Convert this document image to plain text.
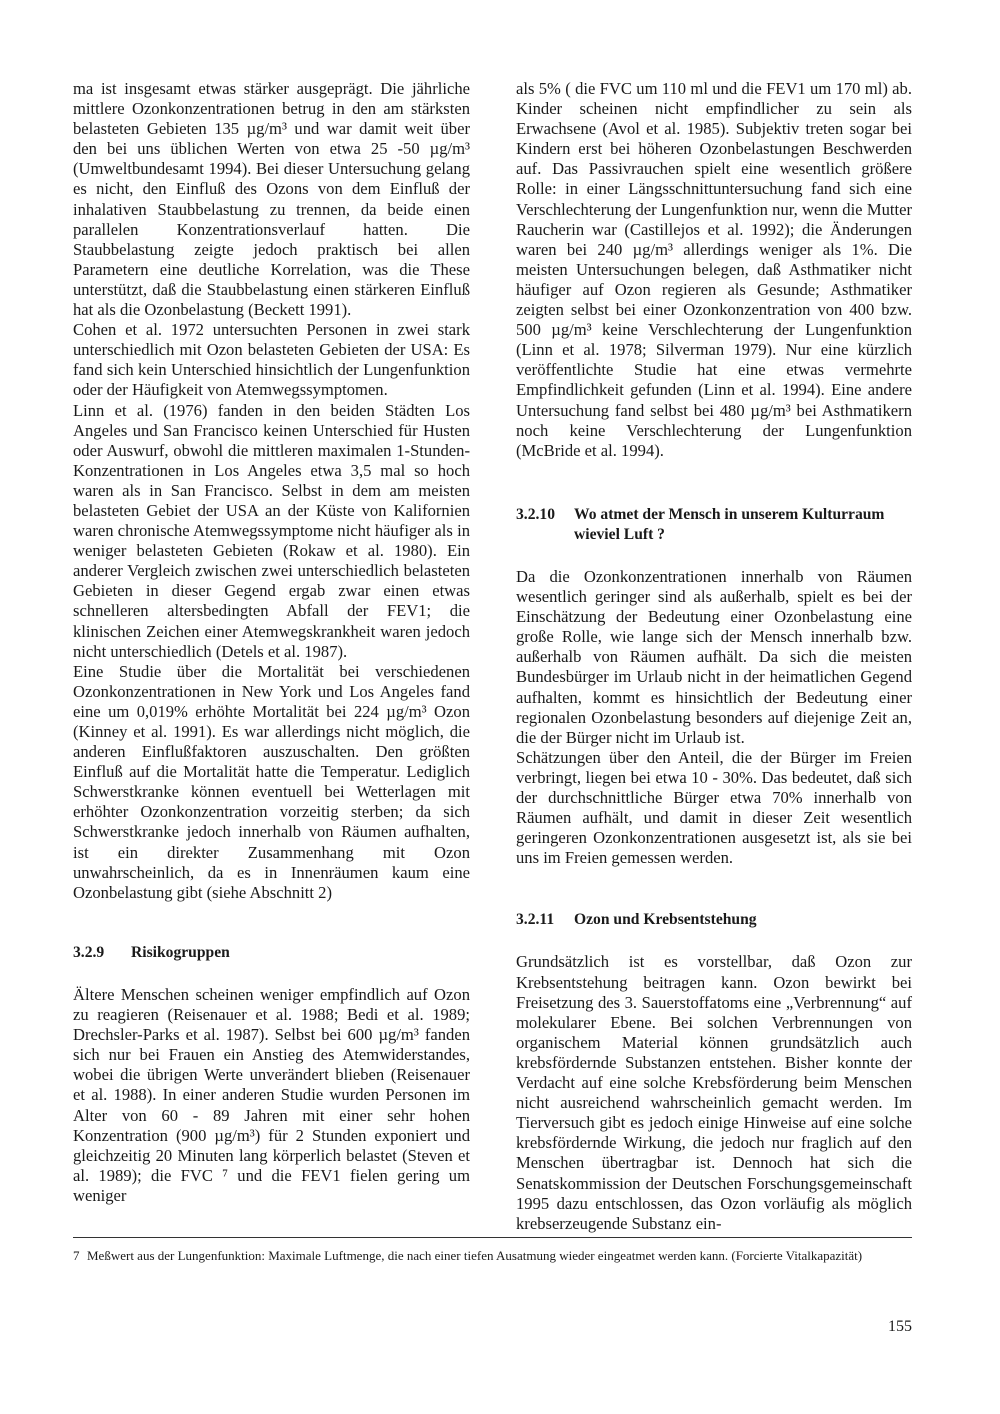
ma ist insgesamt etwas stärker ausgeprägt. Die jährliche mittlere Ozonkonzentrationen betrug in den am stärksten belasteten Gebieten 135 µg/m³ und war damit weit über den bei uns üblichen Werten von etwa 25 -50 µg/m³ (Umweltbundesamt 1994). Bei dieser Untersuchung gelang es nicht, den Einfluß des Ozons von dem Einfluß der inhalativen Staubbelastung zu trennen, da beide einen parallelen Konzentrationsverlauf hatten. Die Staubbelastung zeigte jedoch praktisch bei allen Parametern eine deutliche Korrelation, was die These unterstützt, daß die Staubbelastung einen stärkeren Einfluß hat als die Ozonbelastung (Beckett 1991).

Cohen et al. 1972 untersuchten Personen in zwei stark unterschiedlich mit Ozon belasteten Gebieten der USA: Es fand sich kein Unterschied hinsichtlich der Lungenfunktion oder der Häufigkeit von Atemwegssymptomen.

Linn et al. (1976) fanden in den beiden Städten Los Angeles und San Francisco keinen Unterschied für Husten oder Auswurf, obwohl die mittleren maximalen 1-Stunden-Konzentrationen in Los Angeles etwa 3,5 mal so hoch waren als in San Francisco. Selbst in dem am meisten belasteten Gebiet der USA an der Küste von Kalifornien waren chronische Atemwegssymptome nicht häufiger als in weniger belasteten Gebieten (Rokaw et al. 1980). Ein anderer Vergleich zwischen zwei unterschiedlich belasteten Gebieten in dieser Gegend ergab zwar einen etwas schnelleren altersbedingten Abfall der FEV1; die klinischen Zeichen einer Atemwegskrankheit waren jedoch nicht unterschiedlich (Detels et al. 1987).

Eine Studie über die Mortalität bei verschiedenen Ozonkonzentrationen in New York und Los Angeles fand eine um 0,019% erhöhte Mortalität bei 224 µg/m³ Ozon (Kinney et al. 1991). Es war allerdings nicht möglich, die anderen Einflußfaktoren auszuschalten. Den größten Einfluß auf die Mortalität hatte die Temperatur. Lediglich Schwerstkranke können eventuell bei Wetterlagen mit erhöhter Ozonkonzentration vorzeitig sterben; da sich Schwerstkranke jedoch innerhalb von Räumen aufhalten, ist ein direkter Zusammenhang mit Ozon unwahrscheinlich, da es in Innenräumen kaum eine Ozonbelastung gibt (siehe Abschnitt 2)

3.2.9	Risikogruppen

Ältere Menschen scheinen weniger empfindlich auf Ozon zu reagieren (Reisenauer et al. 1988; Bedi et al. 1989; Drechsler-Parks et al. 1987). Selbst bei 600 µg/m³ fanden sich nur bei Frauen ein Anstieg des Atemwiderstandes, wobei die übrigen Werte unverändert blieben (Reisenauer et al. 1988). In einer anderen Studie wurden Personen im Alter von 60 - 89 Jahren mit einer sehr hohen Konzentration (900 µg/m³) für 2 Stunden exponiert und gleichzeitig 20 Minuten lang körperlich belastet (Steven et al. 1989); die FVC ⁷ und die FEV1 fielen gering um weniger

als 5% ( die FVC um 110 ml und die FEV1 um 170 ml) ab. Kinder scheinen nicht empfindlicher zu sein als Erwachsene (Avol et al. 1985). Subjektiv treten sogar bei Kindern erst bei höheren Ozonbelastungen Beschwerden auf. Das Passivrauchen spielt eine wesentlich größere Rolle: in einer Längsschnittuntersuchung fand sich eine Verschlechterung der Lungenfunktion nur, wenn die Mutter Raucherin war (Castillejos et al. 1992); die Änderungen waren bei 240 µg/m³ allerdings weniger als 1%. Die meisten Untersuchungen belegen, daß Asthmatiker nicht häufiger auf Ozon regieren als Gesunde; Asthmatiker zeigten selbst bei einer Ozonkonzentration von 400 bzw. 500 µg/m³ keine Verschlechterung der Lungenfunktion (Linn et al. 1978; Silverman 1979). Nur eine kürzlich veröffentlichte Studie hat eine etwas vermehrte Empfindlichkeit gefunden (Linn et al. 1994). Eine andere Untersuchung fand selbst bei 480 µg/m³ bei Asthmatikern noch keine Verschlechterung der Lungenfunktion (McBride et al. 1994).

3.2.10	Wo atmet der Mensch in unserem Kulturraum wieviel Luft ?

Da die Ozonkonzentrationen innerhalb von Räumen wesentlich geringer sind als außerhalb, spielt es bei der Einschätzung der Bedeutung einer Ozonbelastung eine große Rolle, wie lange sich der Mensch innerhalb bzw. außerhalb von Räumen aufhält. Da sich die meisten Bundesbürger im Urlaub nicht in der heimatlichen Gegend aufhalten, kommt es hinsichtlich der Bedeutung einer regionalen Ozonbelastung besonders auf diejenige Zeit an, die der Bürger nicht im Urlaub ist.

Schätzungen über den Anteil, die der Bürger im Freien verbringt, liegen bei etwa 10 - 30%. Das bedeutet, daß sich der durchschnittliche Bürger etwa 70% innerhalb von Räumen aufhält, und damit in dieser Zeit wesentlich geringeren Ozonkonzentrationen ausgesetzt ist, als sie bei uns im Freien gemessen werden.

3.2.11	Ozon und Krebsentstehung

Grundsätzlich ist es vorstellbar, daß Ozon zur Krebsentstehung beitragen kann. Ozon bewirkt bei Freisetzung des 3. Sauerstoffatoms eine „Verbrennung“ auf molekularer Ebene. Bei solchen Verbrennungen von organischem Material können grundsätzlich auch krebsfördernde Substanzen entstehen. Bisher konnte der Verdacht auf eine solche Krebsförderung beim Menschen nicht ausreichend wahrscheinlich gemacht werden. Im Tierversuch gibt es jedoch einige Hinweise auf eine solche krebsfördernde Wirkung, die jedoch nur fraglich auf den Menschen übertragbar ist. Dennoch hat sich die Senatskommission der Deutschen Forschungsgemeinschaft 1995 dazu entschlossen, das Ozon vorläufig als möglich krebserzeugende Substanz ein-

7 Meßwert aus der Lungenfunktion: Maximale Luftmenge, die nach einer tiefen Ausatmung wieder eingeatmet werden kann. (Forcierte Vitalkapazität)
155
